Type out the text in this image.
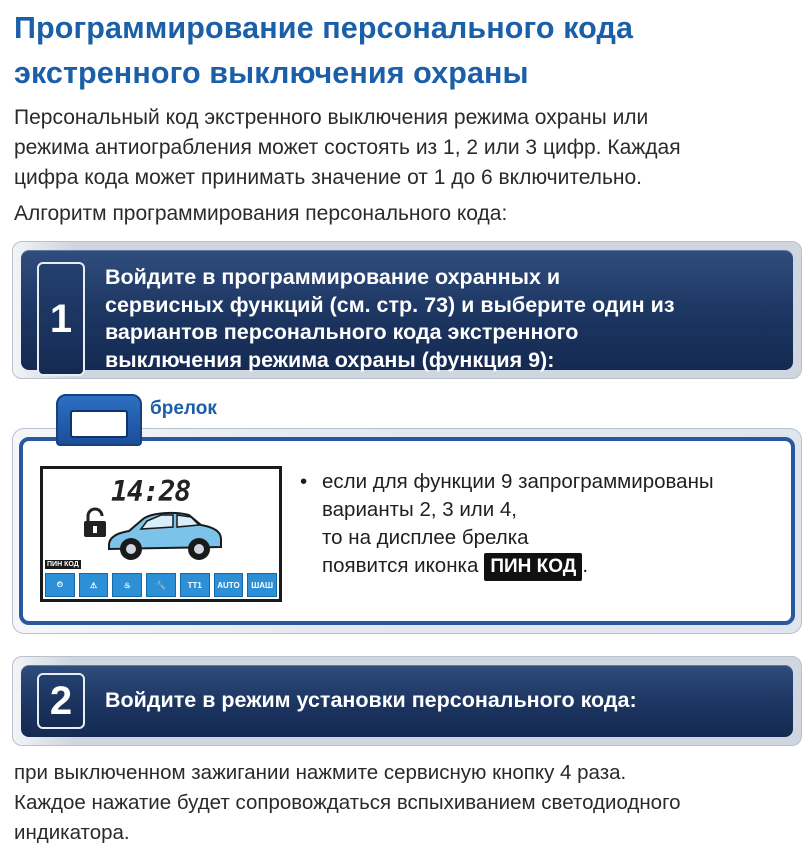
Программирование персонального кода
экстренного выключения охраны
Персональный код экстренного выключения режима охраны или
режима антиограбления может состоять из 1, 2 или 3 цифр. Каждая
цифра кода может принимать значение от 1 до 6 включительно.
Алгоритм программирования персонального кода:
1
Войдите в программирование охранных и
сервисных функций (см. стр. 73) и выберите один из
вариантов персонального кода экстренного
выключения режима охраны (функция 9):
брелок
14:28
ПИН КОД
⏲	⚠	♨	🔧	TT1	AUTO	ШАШ
• если для функции 9 запрограммированы
варианты 2, 3 или 4,
то на дисплее брелка
появится иконка ПИН КОД .
2	Войдите в режим установки персонального кода:
при выключенном зажигании нажмите сервисную кнопку 4 раза.
Каждое нажатие будет сопровождаться вспыхиванием светодиодного
индикатора.
